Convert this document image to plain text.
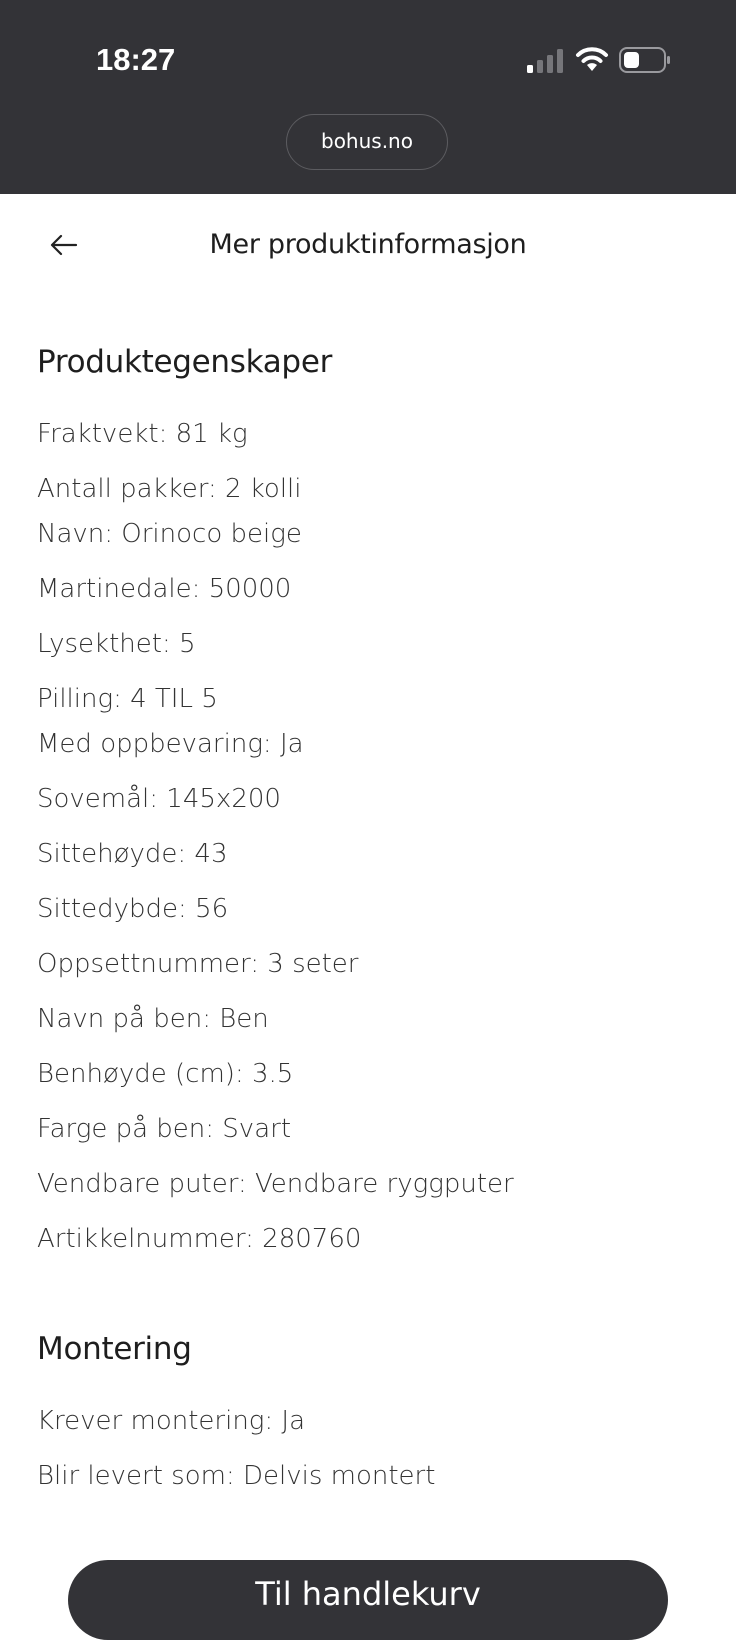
18:27
bohus.no
Mer produktinformasjon
Produktegenskaper
Fraktvekt: 81 kg
Antall pakker: 2 kolli
Navn: Orinoco beige
Martinedale: 50000
Lysekthet: 5
Pilling: 4 TIL 5
Med oppbevaring: Ja
Sovemål: 145x200
Sittehøyde: 43
Sittedybde: 56
Oppsettnummer: 3 seter
Navn på ben: Ben
Benhøyde (cm): 3.5
Farge på ben: Svart
Vendbare puter: Vendbare ryggputer
Artikkelnummer: 280760
Montering
Krever montering: Ja
Blir levert som: Delvis montert
Til handlekurv
